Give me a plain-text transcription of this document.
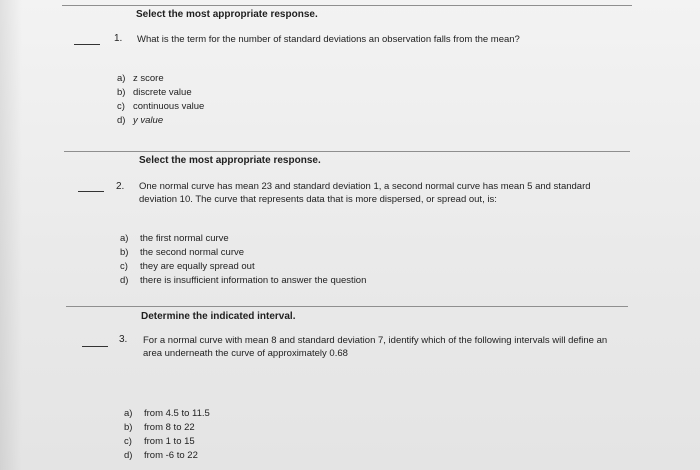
Select the most appropriate response.
1. What is the term for the number of standard deviations an observation falls from the mean?
a) z score
b) discrete value
c) continuous value
d) y value
Select the most appropriate response.
2. One normal curve has mean 23 and standard deviation 1, a second normal curve has mean 5 and standard deviation 10. The curve that represents data that is more dispersed, or spread out, is:
a) the first normal curve
b) the second normal curve
c) they are equally spread out
d) there is insufficient information to answer the question
Determine the indicated interval.
3. For a normal curve with mean 8 and standard deviation 7, identify which of the following intervals will define an area underneath the curve of approximately 0.68
a) from 4.5 to 11.5
b) from 8 to 22
c) from 1 to 15
d) from -6 to 22
